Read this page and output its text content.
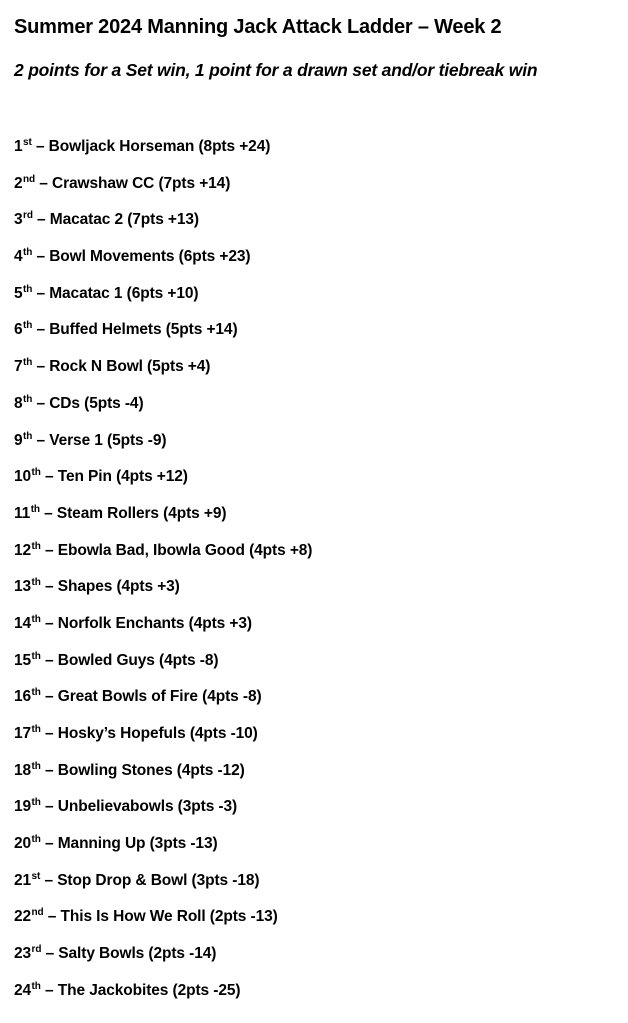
Summer 2024 Manning Jack Attack Ladder – Week 2

2 points for a Set win, 1 point for a drawn set and/or tiebreak win

1st – Bowljack Horseman (8pts +24)
2nd – Crawshaw CC (7pts +14)
3rd – Macatac 2 (7pts +13)
4th – Bowl Movements (6pts +23)
5th – Macatac 1 (6pts +10)
6th – Buffed Helmets (5pts +14)
7th – Rock N Bowl (5pts +4)
8th – CDs (5pts -4)
9th – Verse 1 (5pts -9)
10th – Ten Pin (4pts +12)
11th – Steam Rollers (4pts +9)
12th – Ebowla Bad, Ibowla Good (4pts +8)
13th – Shapes (4pts +3)
14th – Norfolk Enchants (4pts +3)
15th – Bowled Guys (4pts -8)
16th – Great Bowls of Fire (4pts -8)
17th – Hosky’s Hopefuls (4pts -10)
18th – Bowling Stones (4pts -12)
19th – Unbelievabowls (3pts -3)
20th – Manning Up (3pts -13)
21st – Stop Drop & Bowl (3pts -18)
22nd – This Is How We Roll (2pts -13)
23rd – Salty Bowls (2pts -14)
24th – The Jackobites (2pts -25)
